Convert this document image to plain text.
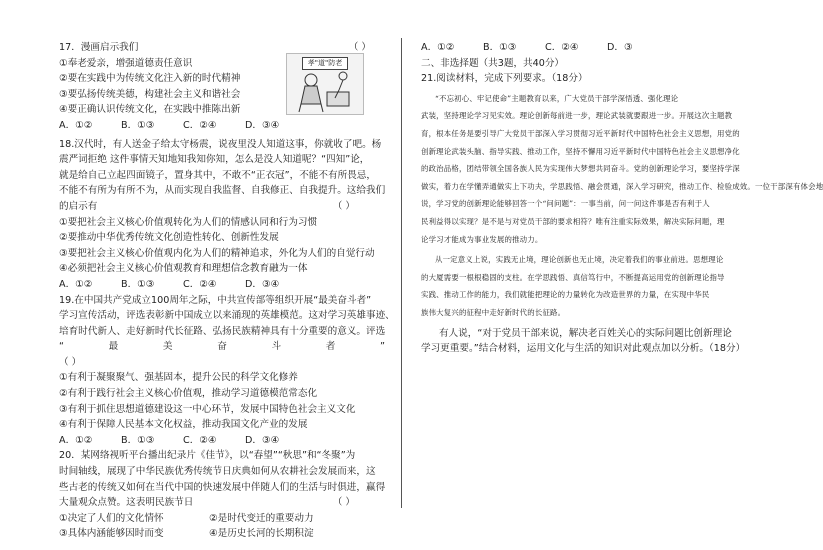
17．漫画启示我们	（ ）
①奉老爱亲，增强道德责任意识
②要在实践中为传统文化注入新的时代精神
③要弘扬传统美德，构建社会主义和谐社会
④要正确认识传统文化，在实践中推陈出新
A．①②	B．①③	C．②④	D．③④
孝"道"防老
18.汉代时，有人送金子给太守杨震，说夜里没人知道这事，你就收了吧。杨
震严词拒绝 这件事情天知地知我知你知，怎么是没人知道呢？“四知”论，
就是给自己立起四面镜子，置身其中，不敢不“正衣冠”，不能不有所畏忌，
不能不有所为有所不为，从而实现自我监督、自我修正、自我提升。这给我们
的启示有	（ ）
①要把社会主义核心价值观转化为人们的情感认同和行为习惯
②要推动中华优秀传统文化创造性转化、创新性发展
③要把社会主义核心价值观内化为人们的精神追求，外化为人们的自觉行动
④必须把社会主义核心价值观教育和理想信念教育融为一体
A．①②	B．①③	C．②④	D．③④
19.在中国共产党成立100周年之际，中共宣传部等组织开展“最美奋斗者”
学习宣传活动，评选表彰新中国成立以来涌现的英雄模范。这对学习英雄事迹、
培育时代新人、走好新时代长征路、弘扬民族精神具有十分重要的意义。评选
“	最	美	奋	斗	者	”
（ ）
①有利于凝聚聚气、强基固本，提升公民的科学文化修养
②有利于践行社会主义核心价值观，推动学习道德模范常态化
③有利于抓住思想道德建设这一中心环节，发展中国特色社会主义文化
④有利于保障人民基本文化权益，推动我国文化产业的发展
A．①②	B．①③	C．②④	D．③④
20．某网络视听平台播出纪录片《佳节》，以“春望”“秋思”和“冬聚”为
时间轴线，展现了中华民族优秀传统节日庆典如何从农耕社会发展而来，这
些古老的传统又如何在当代中国的快速发展中伴随人们的生活与时俱进，赢得
大量观众点赞。这表明民族节日	（ ）
①决定了人们的文化情怀	②是时代变迁的重要动力
③具体内涵能够因时而变	④是历史长河的长期积淀
A．①②	B．①③	C．②④	D．③
二、非选择题（共3题，共40分）
21.阅读材料，完成下列要求。（18分）
“不忘初心、牢记使命”主题教育以来，广大党员干部学深悟透、强化理论
武装，坚持理论学习见实效。理论创新每前进一步，理论武装就要跟进一步。开展这次主题教
育，根本任务是要引导广大党员干部深入学习贯彻习近平新时代中国特色社会主义思想，用党的
创新理论武装头脑、指导实践、推动工作，坚持不懈用习近平新时代中国特色社会主义思想净化
的政治品格，团结带领全国各族人民为实现伟大梦想共同奋斗。党的创新理论学习，要坚持学深
做实，着力在学懂弄通做实上下功夫，学思践悟、融会贯通，深入学习研究，推动工作、检验成效。一位干部深有体会地
说，学习党的创新理论能够回答一个“问问题”：一事当前，问一问这件事是否有利于人
民利益得以实现？是不是与对党员干部的要求相符？唯有注重实际效果，解决实际问题，理
论学习才能成为事业发展的推动力。
从一定意义上说，实践无止境，理论创新也无止境，决定着我们的事业前进。思想理论
的大厦需要一根根稳固的支柱。在学思践悟、真信笃行中，不断提高运用党的创新理论指导
实践、推动工作的能力，我们就能把理论的力量转化为改造世界的力量，在实现中华民
族伟大复兴的征程中走好新时代的长征路。
有人说，“对于党员干部来说，解决老百姓关心的实际问题比创新理论
学习更重要。”结合材料，运用文化与生活的知识对此观点加以分析。（18分）
